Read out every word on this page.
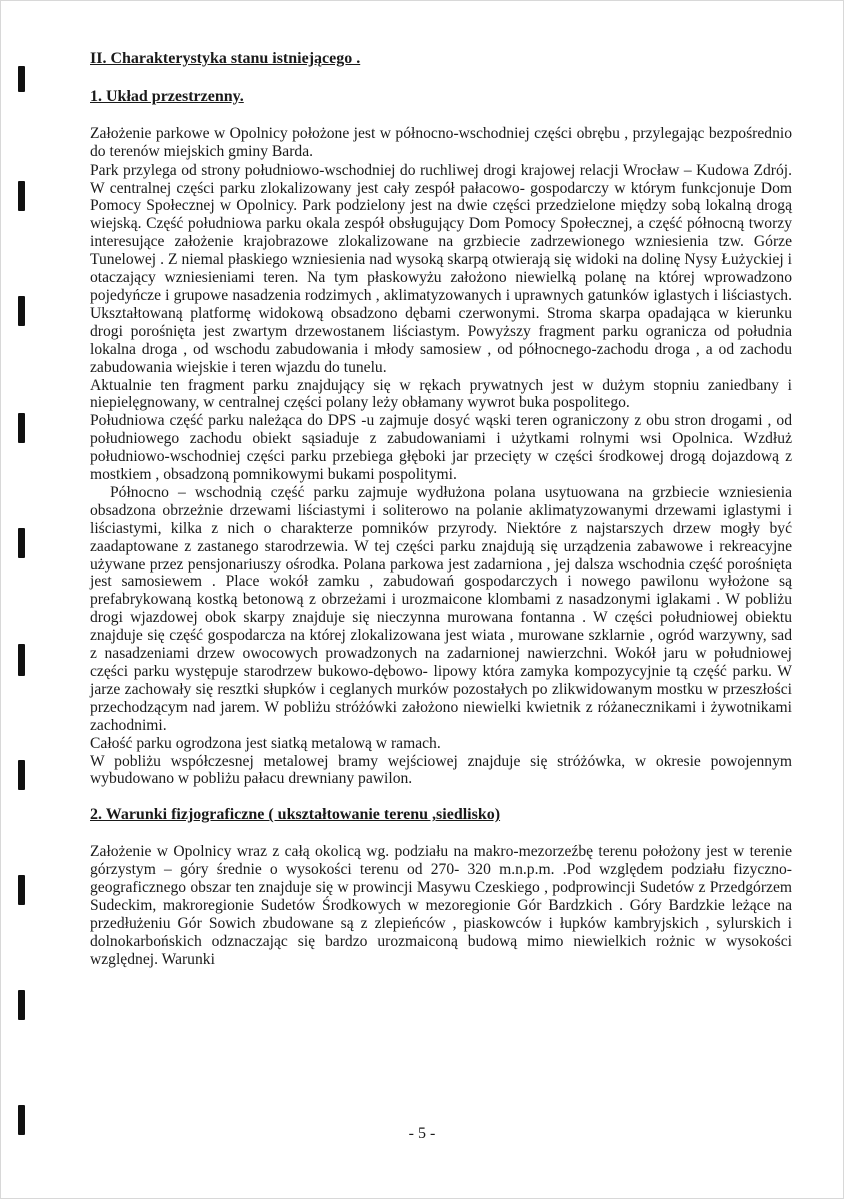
II. Charakterystyka stanu istniejącego .
1. Układ przestrzenny.

Założenie parkowe w Opolnicy położone jest w północno-wschodniej części obrębu , przylegając bezpośrednio do terenów miejskich gminy Barda.

Park przylega od strony południowo-wschodniej do ruchliwej drogi krajowej relacji Wrocław – Kudowa Zdrój. W centralnej części parku zlokalizowany jest cały zespół pałacowo- gospodarczy w którym funkcjonuje Dom Pomocy Społecznej w Opolnicy. Park podzielony jest na dwie części przedzielone między sobą lokalną drogą wiejską. Część południowa parku okala zespół obsługujący Dom Pomocy Społecznej, a część północną tworzy interesujące założenie krajobrazowe zlokalizowane na grzbiecie zadrzewionego wzniesienia tzw. Górze Tunelowej . Z niemal płaskiego wzniesienia nad wysoką skarpą otwierają się widoki na dolinę Nysy Łużyckiej i otaczający wzniesieniami teren. Na tym płaskowyżu założono niewielką polanę na której wprowadzono pojedyńcze i grupowe nasadzenia rodzimych , aklimatyzowanych i uprawnych gatunków iglastych i liściastych. Ukształtowaną platformę widokową obsadzono dębami czerwonymi. Stroma skarpa opadająca w kierunku drogi porośnięta jest zwartym drzewostanem liściastym. Powyższy fragment parku ogranicza od południa lokalna droga , od wschodu zabudowania i młody samosiew , od północnego-zachodu droga , a od zachodu zabudowania wiejskie i teren wjazdu do tunelu.

Aktualnie ten fragment parku znajdujący się w rękach prywatnych jest w dużym stopniu zaniedbany i niepielęgnowany, w centralnej części polany leży obłamany wywrot buka pospolitego.

Południowa część parku należąca do DPS -u zajmuje dosyć wąski teren ograniczony z obu stron drogami , od południowego zachodu obiekt sąsiaduje z zabudowaniami i użytkami rolnymi wsi Opolnica. Wzdłuż południowo-wschodniej części parku przebiega głęboki jar przecięty w części środkowej drogą dojazdową z mostkiem , obsadzoną pomnikowymi bukami pospolitymi.

Północno – wschodnią część parku zajmuje wydłużona polana usytuowana na grzbiecie wzniesienia obsadzona obrzeżnie drzewami liściastymi i soliterowo na polanie aklimatyzowanymi drzewami iglastymi i liściastymi, kilka z nich o charakterze pomników przyrody. Niektóre z najstarszych drzew mogły być zaadaptowane z zastanego starodrzewia. W tej części parku znajdują się urządzenia zabawowe i rekreacyjne używane przez pensjonariuszy ośrodka. Polana parkowa jest zadarniona , jej dalsza wschodnia część porośnięta jest samosiewem . Place wokół zamku , zabudowań gospodarczych i nowego pawilonu wyłożone są prefabrykowaną kostką betonową z obrzeżami i urozmaicone klombami z nasadzonymi iglakami . W pobliżu drogi wjazdowej obok skarpy znajduje się nieczynna murowana fontanna . W części południowej obiektu znajduje się część gospodarcza na której zlokalizowana jest wiata , murowane szklarnie , ogród warzywny, sad z nasadzeniami drzew owocowych prowadzonych na zadarnionej nawierzchni. Wokół jaru w południowej części parku występuje starodrzew bukowo-dębowo- lipowy która zamyka kompozycyjnie tą część parku. W jarze zachowały się resztki słupków i ceglanych murków pozostałych po zlikwidowanym mostku w przeszłości przechodzącym nad jarem. W pobliżu stróżówki założono niewielki kwietnik z różanecznikami i żywotnikami zachodnimi.

Całość parku ogrodzona jest siatką metalową w ramach.

W pobliżu współczesnej metalowej bramy wejściowej znajduje się stróżówka, w okresie powojennym wybudowano w pobliżu pałacu drewniany pawilon.

2. Warunki fizjograficzne ( ukształtowanie terenu ,siedlisko)

Założenie w Opolnicy wraz z całą okolicą wg. podziału na makro-mezorzeźbę terenu położony jest w terenie górzystym – góry średnie o wysokości terenu od 270- 320 m.n.p.m. .Pod względem podziału fizyczno-geograficznego obszar ten znajduje się w prowincji Masywu Czeskiego , podprowincji Sudetów z Przedgórzem Sudeckim, makroregionie Sudetów Środkowych w mezoregionie Gór Bardzkich . Góry Bardzkie leżące na przedłużeniu Gór Sowich zbudowane są z zlepieńców , piaskowców i łupków kambryjskich , sylurskich i dolnokarbońskich odznaczając się bardzo urozmaiconą budową mimo niewielkich rożnic w wysokości względnej. Warunki

- 5 -
